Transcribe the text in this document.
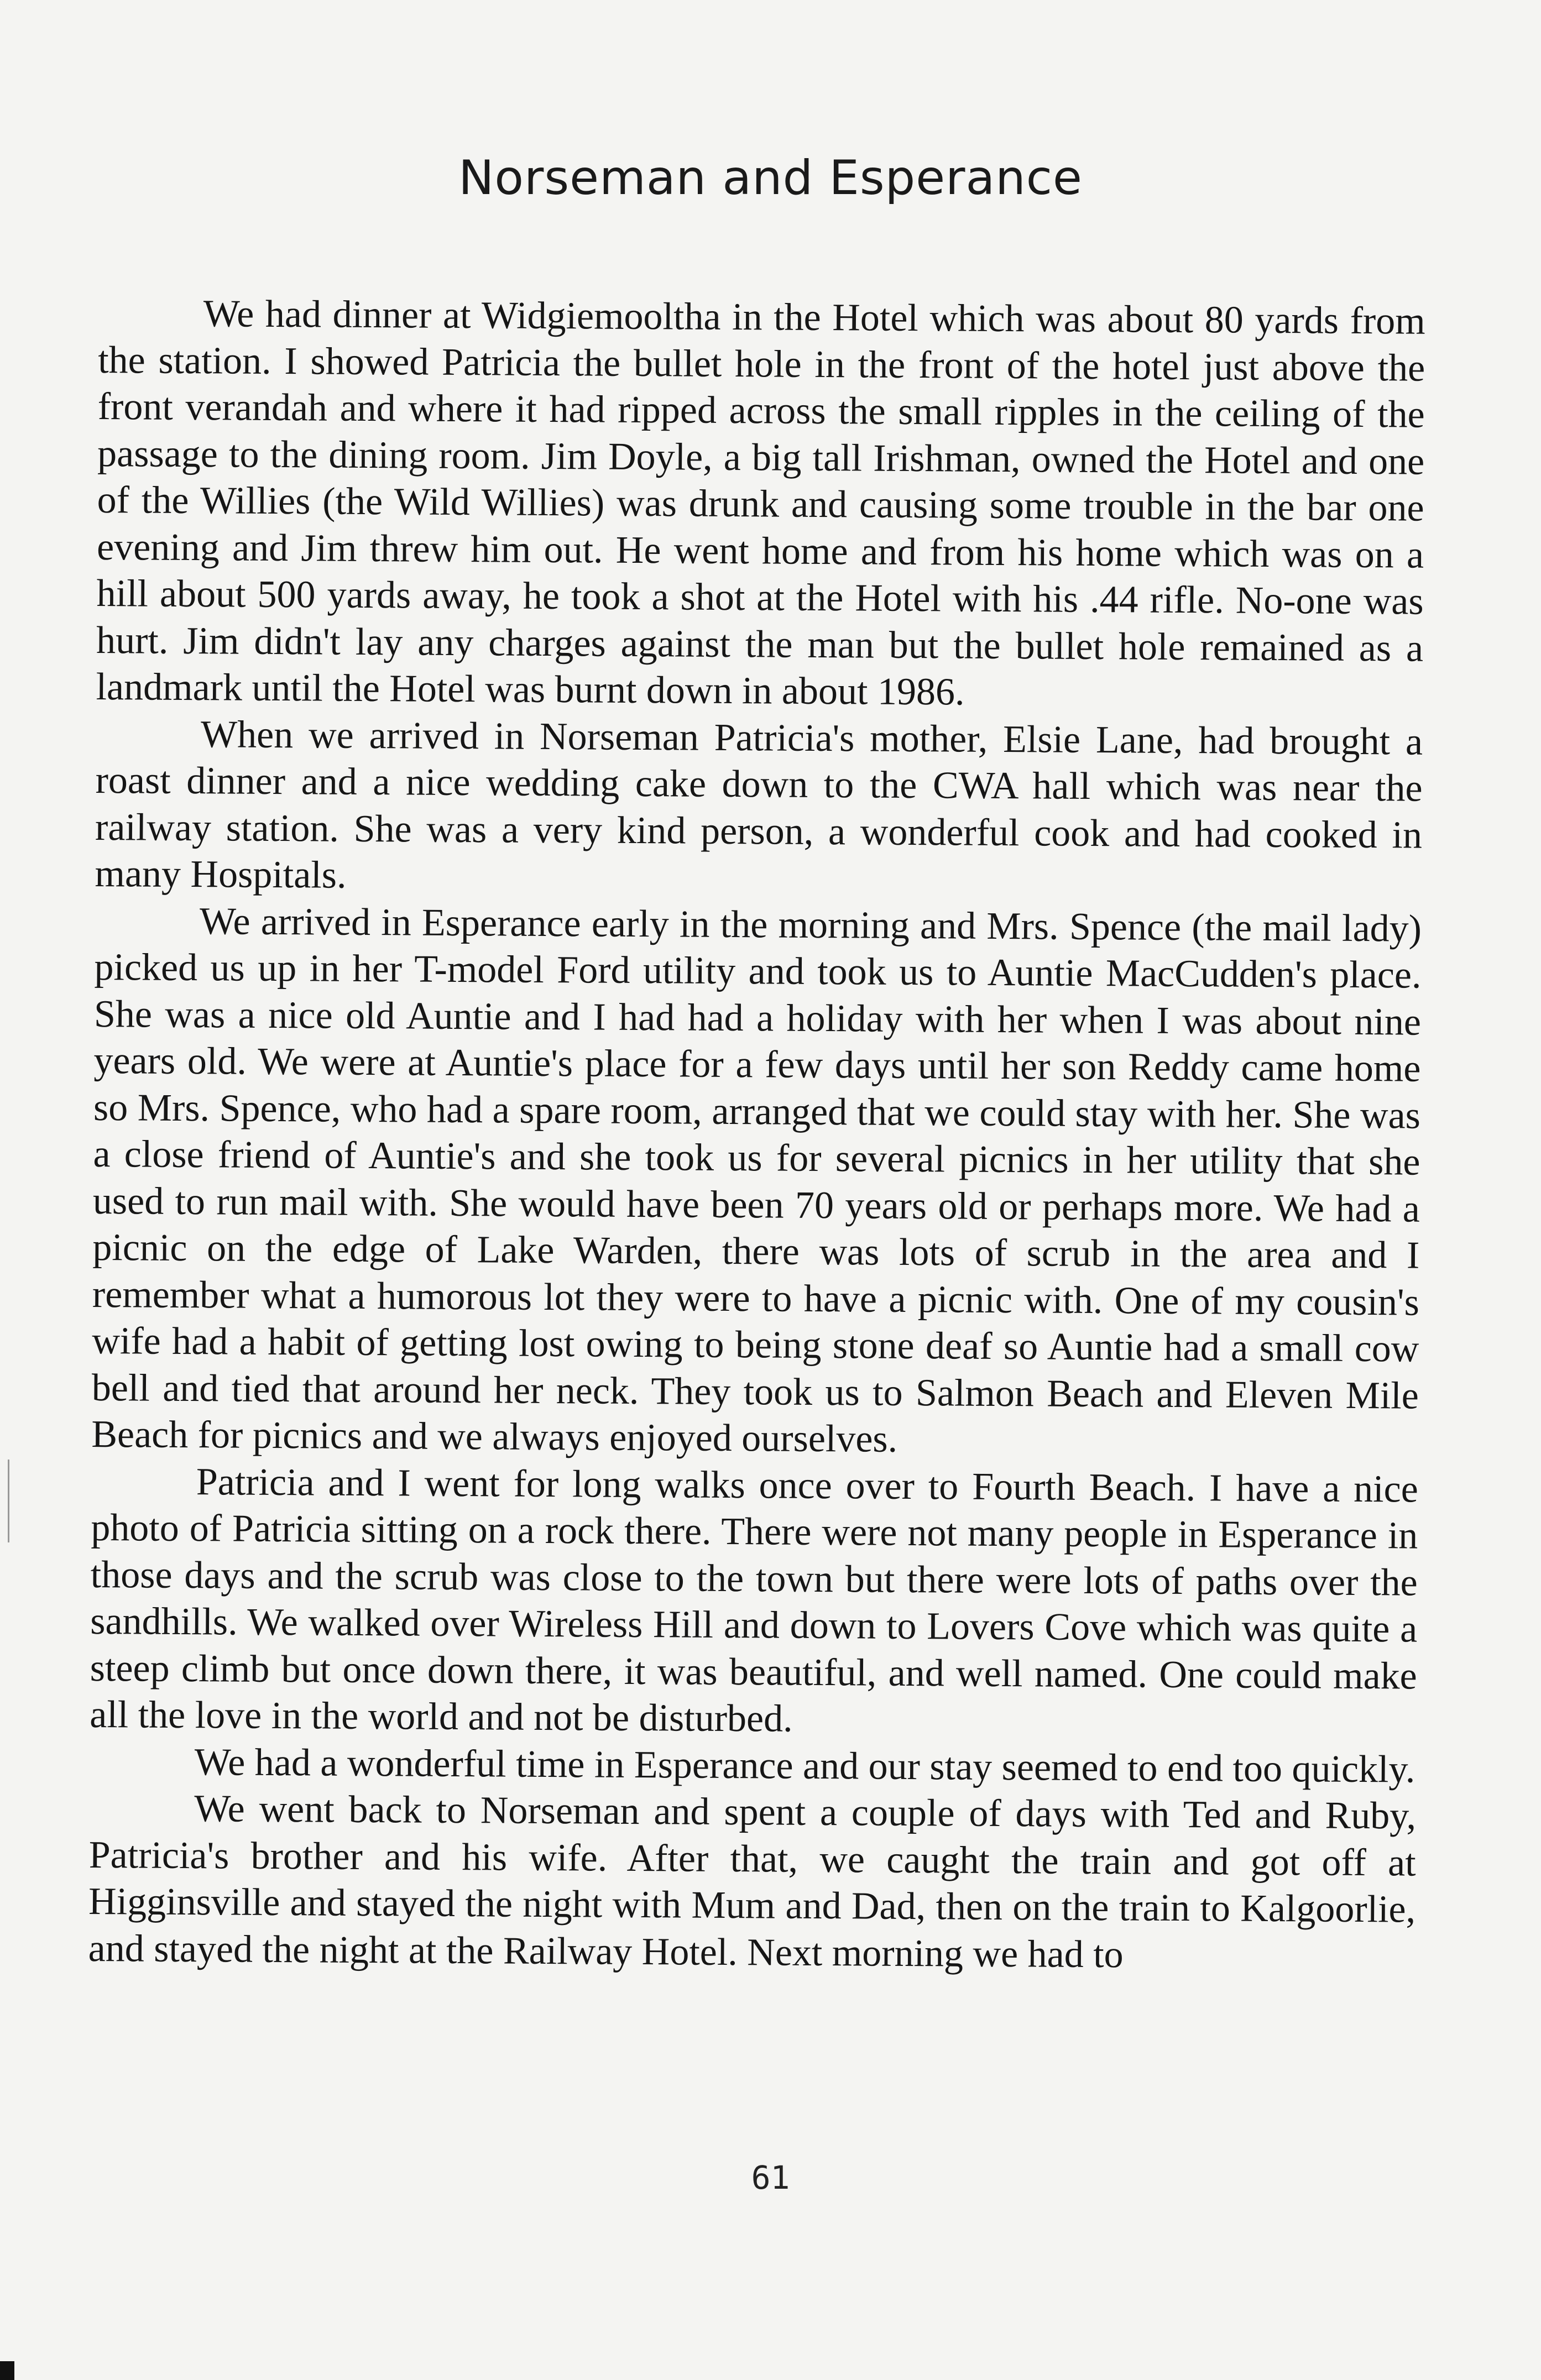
Norseman and Esperance

We had dinner at Widgiemooltha in the Hotel which was about 80 yards from the station. I showed Patricia the bullet hole in the front of the hotel just above the front verandah and where it had ripped across the small ripples in the ceiling of the passage to the dining room. Jim Doyle, a big tall Irishman, owned the Hotel and one of the Willies (the Wild Willies) was drunk and causing some trouble in the bar one evening and Jim threw him out. He went home and from his home which was on a hill about 500 yards away, he took a shot at the Hotel with his .44 rifle. No-one was hurt. Jim didn't lay any charges against the man but the bullet hole remained as a landmark until the Hotel was burnt down in about 1986.

When we arrived in Norseman Patricia's mother, Elsie Lane, had brought a roast dinner and a nice wedding cake down to the CWA hall which was near the railway station. She was a very kind person, a wonderful cook and had cooked in many Hospitals.

We arrived in Esperance early in the morning and Mrs. Spence (the mail lady) picked us up in her T-model Ford utility and took us to Auntie MacCudden's place. She was a nice old Auntie and I had had a holiday with her when I was about nine years old. We were at Auntie's place for a few days until her son Reddy came home so Mrs. Spence, who had a spare room, arranged that we could stay with her. She was a close friend of Auntie's and she took us for several picnics in her utility that she used to run mail with. She would have been 70 years old or perhaps more. We had a picnic on the edge of Lake Warden, there was lots of scrub in the area and I remember what a humorous lot they were to have a picnic with. One of my cousin's wife had a habit of getting lost owing to being stone deaf so Auntie had a small cow bell and tied that around her neck. They took us to Salmon Beach and Eleven Mile Beach for picnics and we always enjoyed ourselves.

Patricia and I went for long walks once over to Fourth Beach. I have a nice photo of Patricia sitting on a rock there. There were not many people in Esperance in those days and the scrub was close to the town but there were lots of paths over the sandhills. We walked over Wireless Hill and down to Lovers Cove which was quite a steep climb but once down there, it was beautiful, and well named. One could make all the love in the world and not be disturbed.

We had a wonderful time in Esperance and our stay seemed to end too quickly.

We went back to Norseman and spent a couple of days with Ted and Ruby, Patricia's brother and his wife. After that, we caught the train and got off at Higginsville and stayed the night with Mum and Dad, then on the train to Kalgoorlie, and stayed the night at the Railway Hotel. Next morning we had to

61
